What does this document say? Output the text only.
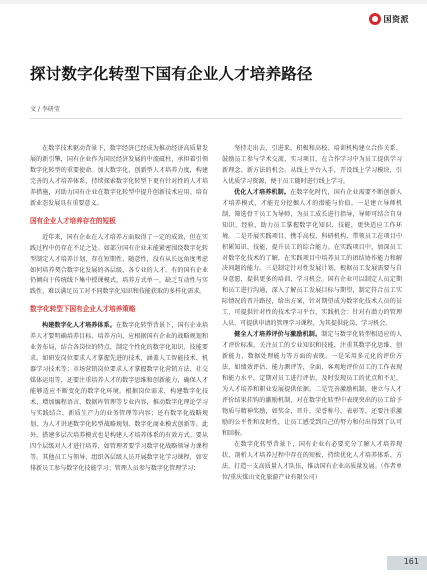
国资派
探讨数字化转型下国有企业人才培养路径
文 / 李研莹

在数字技术驱动背景下，数字经济已经成为推动经济高质量发展的新引擎，国有企业作为国民经济发展的中流砥柱，承担着引领数字化转型的重要使命。加大数字化、创新型人才培养力度，构建完善的人才培养体系，持续探索数字化转型下更有针对性的人才培养措施，对助力国有企业在数字化转型中提升创新技术应用、培育新业态发展具有重要意义。

国有企业人才培养存在的短板

近年来，国有企业在人才培养方面取得了一定的成效，但在实践过程中仍存在不足之处。如部分国有企业未能紧密围绕数字化转型制定人才培养计划，存在短期性、随意性，没有从长远角度考虑如何培养契合数字化发展的各层级、各专业的人才。有的国有企业仍倾向于传统线下集中授课模式，培养方式单一，缺乏互动性与实践性，难以满足员工对不同数字化知识和技能获取的多样化需求。

数字化转型下国有企业人才培养策略

构建数字化人才培养体系。在数字化转型背景下，国有企业培养人才要明确培养目标、培养方向、应根据国有企业的战略规划和业务布局，结合各岗位的特点，制定个性化的数字化知识、技能要求。如研发岗位要求人才掌握先进的技术，涵盖人工智能技术、机器学习技术等；市场营销岗位要求人才掌握数字化营销方法、社交媒体运用等，还要注重培养人才的数字思维和创新能力，确保人才能够适应不断变化的数字化环境。根据岗位需求，构建数字化技术、增加编程语言、数据库管理等专业内容，推动数字化理论学习与实践结合、新质生产力的业务管理等内容；还有数字化战略规划、为人才讲述数字化转型战略规划、数字化商业模式创新等。此外，搭建多层次培养模式也是构建人才培养体系的有效方式。要从四个层级对人才进行培养，如管理者要学习数字化战略领导力课程等。其他员工与领导、组织各层级人员开展数字化学习课程，如安排新员工参与数字化技能学习；管理人员参与数字化管理学习；

坚持走出去、引进来，积极和高校、培训机构建立合作关系，鼓励员工参与学术交流、实习项目，在合作学习中为员工提供学习新理念、新方法的机会。从线上平台入手，开设线上学习模块，引入优质学习资源，便于员工随时进行线上学习。

优化人才培养机制。在数字化时代，国有企业需要不断创新人才培养模式，才能充分挖掘人才的潜能与价值。一是建立导师机制，筛选骨干员工为导师，为员工成长进行指导，导师可结合自身知识、经验，助力员工掌握数字化知识、技能，更快适应工作环境。二是开展实践项目，携手高校、科研机构，带领员工在项目中积累知识、技能，提升员工的综合能力。在实践项目中，加深员工对数字化技术的了解，在实践项目中培养员工的团结协作能力和解决问题的能力。三是制定针对性发展计划，根据员工发展需要与自身意愿，提供更多的培训、学习机会。国有企业可以制定人员定期和员工进行沟通，深入了解员工发展目标与期望，制定符合员工实际情况的晋升路径，给出方案，针对期望成为数字化技术人员的员工，可提供针对性的技术学习平台、实践机会：针对有潜力的管理人员，可提供申请的管理学习课程，为其提供轮岗、学习机会。

健全人才培养评价与激励机制。制定与数字化转型相适应的人才评价标准，关注员工的专业知识和技能，注重其数字化思维、创新能力、数据处理能力等方面的表现。一是采用多元化的评价方法，如绩效评估、能力测评等，全面、客观地评价员工的工作表现和能力水平，定期对员工进行评估，及时发现员工的优点和不足，为人才培养和职业发展提供依据。二是完善激励机制，建立与人才评价结果挂钩的激励机制，对在数字化转型中表现突出的员工给予物质与精神奖励，如奖金、晋升、荣誉称号、表彰等，还要注重激励的公平性和及时性，让员工感受到自己的努力和付出得到了认可和回报。

在数字化转型背景下，国有企业有必要充分了解人才培养现状，剖析人才培养过程中存在的短板，持续优化人才培养体系、方法，打造一支高质量人才队伍，推动国有企业高质量发展。（作者单位/重庆煤山文化旅游产业有限公司）

161
